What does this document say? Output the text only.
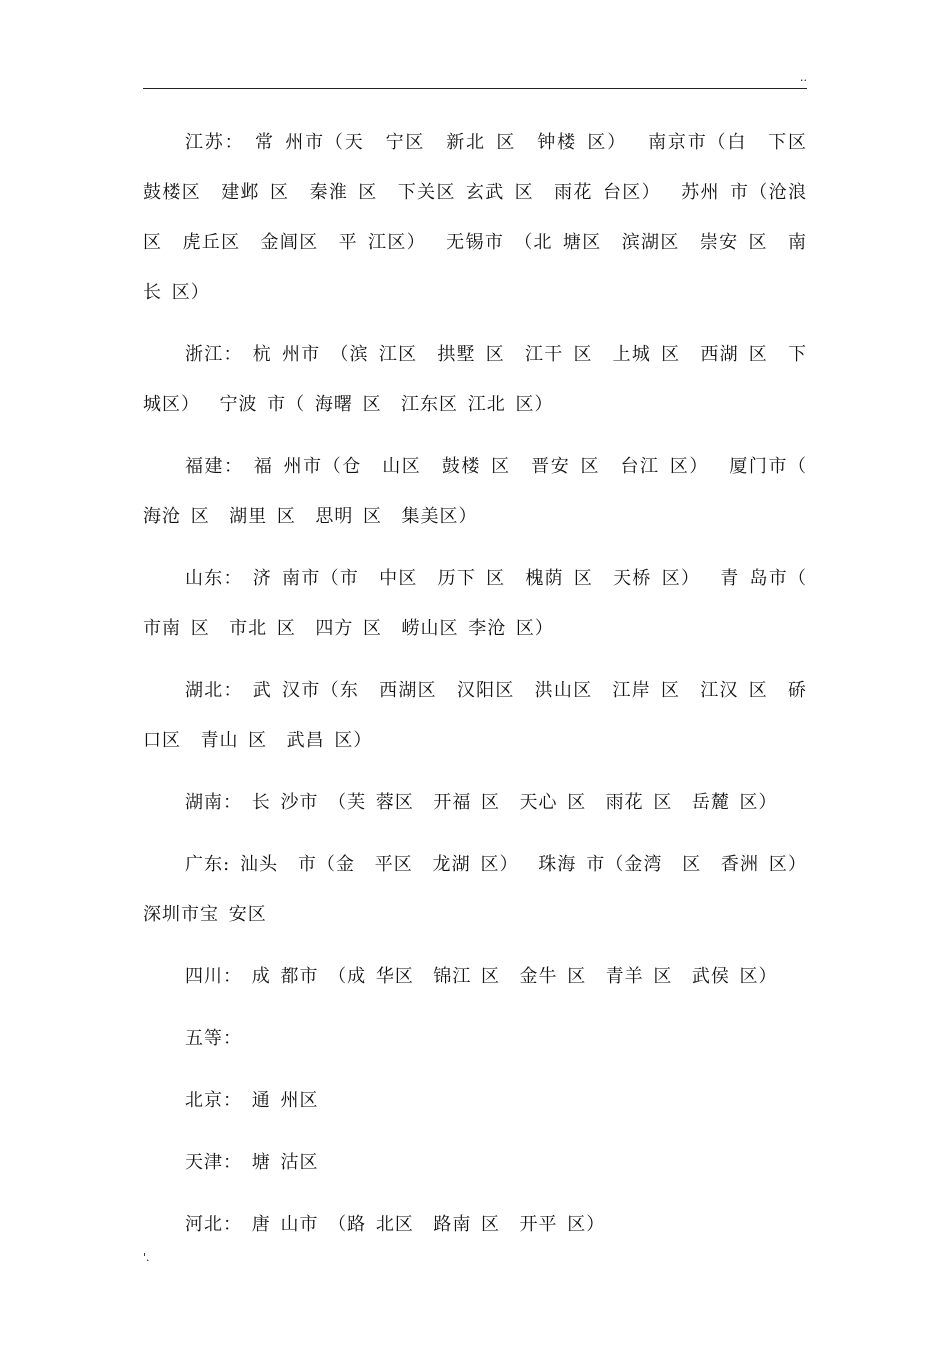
..

江苏： 常 州市（天  宁区  新北 区  钟楼 区）  南京市（白  下区  鼓楼区  建邺 区  秦淮 区  下关区 玄武 区  雨花 台区）  苏州 市（沧浪 区  虎丘区  金阊区  平 江区）  无锡市 （北 塘区  滨湖区  崇安 区  南长 区）

浙江： 杭 州市 （滨 江区  拱墅 区  江干 区  上城 区  西湖 区  下城区）  宁波 市（ 海曙 区  江东区 江北 区）

福建： 福 州市（仓  山区  鼓楼 区  晋安 区  台江 区）  厦门市（ 海沧 区  湖里 区  思明 区  集美区）

山东： 济 南市（市  中区  历下 区  槐荫 区  天桥 区）  青 岛市（ 市南 区  市北 区  四方 区  崂山区 李沧 区）

湖北： 武 汉市（东  西湖区  汉阳区  洪山区  江岸 区  江汉 区  硚口区  青山 区  武昌 区）

湖南： 长 沙市 （芙 蓉区  开福 区  天心 区  雨花 区  岳麓 区）

广东: 汕头  市（金  平区  龙湖 区）  珠海 市（金湾  区  香洲 区）  深圳市宝 安区

四川： 成 都市 （成 华区  锦江 区  金牛 区  青羊 区  武侯 区）

五等：

北京： 通 州区

天津： 塘 沽区

河北： 唐 山市 （路 北区  路南 区  开平 区）

'.
